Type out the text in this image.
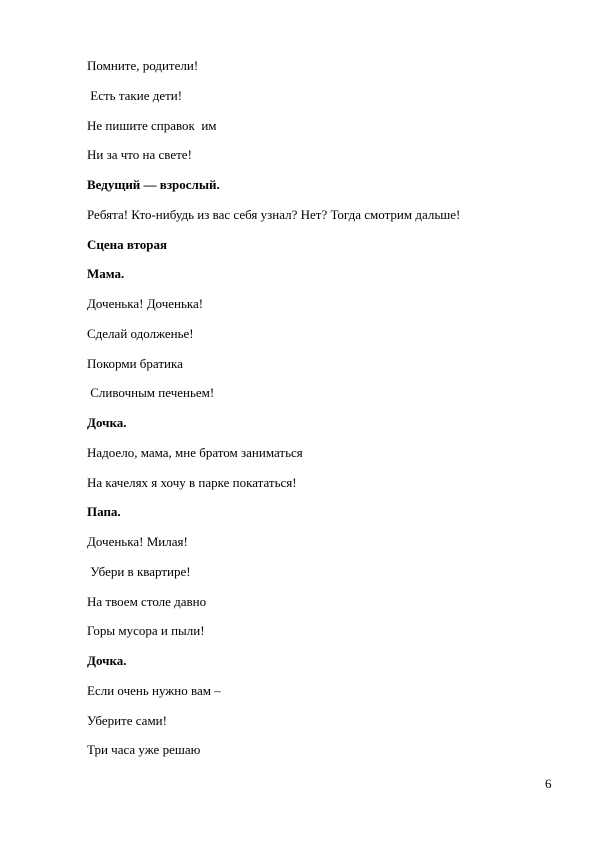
Помните, родители!
Есть такие дети!
Не пишите справок  им
Ни за что на свете!
Ведущий — взрослый.
Ребята! Кто-нибудь из вас себя узнал? Нет? Тогда смотрим дальше!
Сцена вторая
Мама.
Доченька! Доченька!
Сделай одолженье!
Покорми братика
Сливочным печеньем!
Дочка.
Надоело, мама, мне братом заниматься
На качелях я хочу в парке покататься!
Папа.
Доченька! Милая!
Убери в квартире!
На твоем столе давно
Горы мусора и пыли!
Дочка.
Если очень нужно вам –
Уберите сами!
Три часа уже решаю
6
